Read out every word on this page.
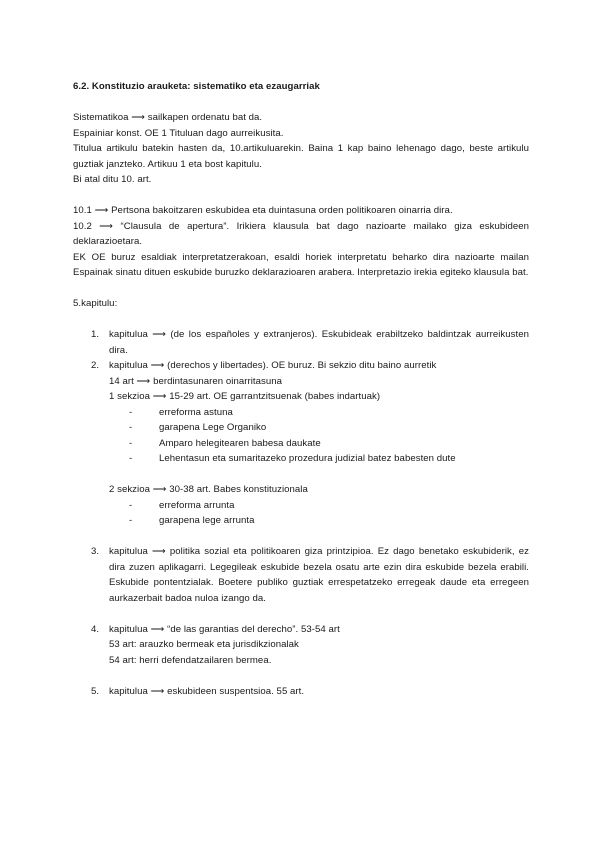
6.2. Konstituzio arauketa: sistematiko eta ezaugarriak
Sistematikoa ⟶ sailkapen ordenatu bat da.
Espainiar konst. OE 1 Tituluan dago aurreikusita.
Titulua artikulu batekin hasten da, 10.artikuluarekin. Baina 1 kap baino lehenago dago, beste artikulu guztiak janzteko. Artikuu 1 eta bost kapitulu.
Bi atal ditu 10. art.
10.1 ⟶ Pertsona bakoitzaren eskubidea eta duintasuna orden politikoaren oinarria dira.
10.2 ⟶ “Clausula de apertura”. Irikiera klausula bat dago nazioarte mailako giza eskubideen deklarazioetara.
EK OE buruz esaldiak interpretatzerakoan, esaldi horiek interpretatu beharko dira nazioarte mailan Espainak sinatu dituen eskubide buruzko deklarazioaren arabera. Interpretazio irekia egiteko klausula bat.
5.kapitulu:
1. kapitulua ⟶ (de los españoles y extranjeros). Eskubideak erabiltzeko baldintzak aurreikusten dira.
2. kapitulua ⟶ (derechos y libertades). OE buruz. Bi sekzio ditu baino aurretik
14 art ⟶ berdintasunaren oinarritasuna
1 sekzioa ⟶ 15-29 art. OE garrantzitsuenak (babes indartuak)
-	erreforma astuna
-	garapena Lege Organiko
-	Amparo helegitearen babesa daukate
-	Lehentasun eta sumaritazeko prozedura judizial batez babesten dute
2 sekzioa ⟶ 30-38 art. Babes konstituzionala
-	erreforma arrunta
-	garapena lege arrunta
3. kapitulua ⟶ politika sozial eta politikoaren giza printzipioa. Ez dago benetako eskubiderik, ez dira zuzen aplikagarri. Legegileak eskubide bezela osatu arte ezin dira eskubide bezela erabili. Eskubide pontentzialak. Boetere publiko guztiak errespetatzeko erregeak daude eta erregeen aurkazerbait badoa nuloa izango da.
4. kapitulua ⟶ “de las garantias del derecho”. 53-54 art
53 art: arauzko bermeak eta jurisdikzionalak
54 art: herri defendatzailaren bermea.
5. kapitulua ⟶ eskubideen suspentsioa. 55 art.
